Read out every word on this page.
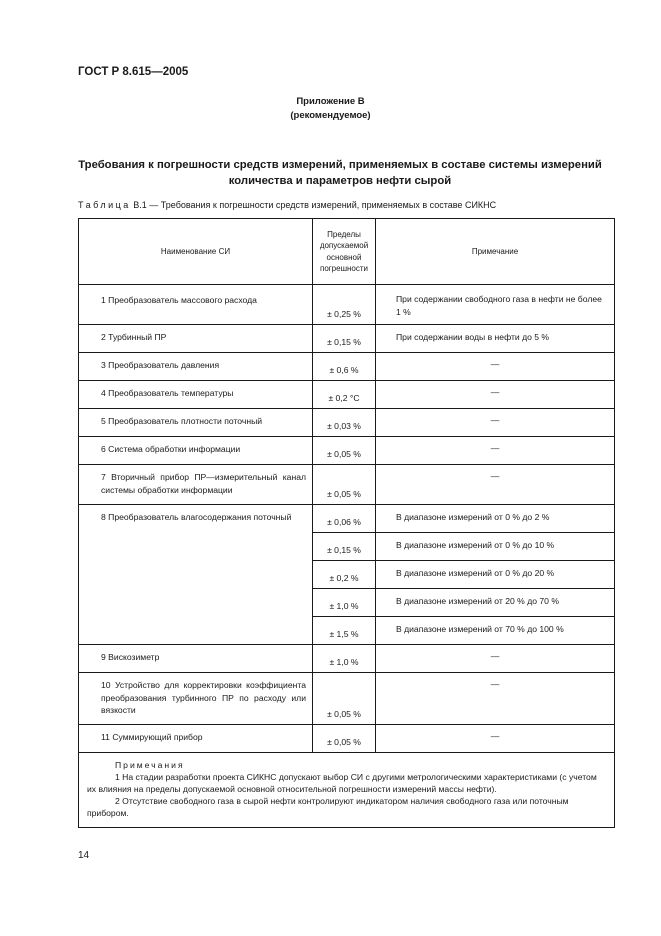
ГОСТ Р 8.615—2005
Приложение В
(рекомендуемое)
Требования к погрешности средств измерений, применяемых в составе системы измерений
количества и параметров нефти сырой
Таблица В.1 — Требования к погрешности средств измерений, применяемых в составе СИКНС
Наименование СИ	Пределы допускаемой основной погрешности	Примечание
1 Преобразователь массового расхода	± 0,25 %	При содержании свободного газа в нефти не более 1 %
2 Турбинный ПР	± 0,15 %	При содержании воды в нефти до 5 %
3 Преобразователь давления	± 0,6 %	—
4 Преобразователь температуры	± 0,2 °С	—
5 Преобразователь плотности поточный	± 0,03 %	—
6 Система обработки информации	± 0,05 %	—
7 Вторичный прибор ПР—измерительный канал системы обработки информации	± 0,05 %	—
8 Преобразователь влагосодержания поточный	± 0,06 %	В диапазоне измерений от 0 % до 2 %
	± 0,15 %	В диапазоне измерений от 0 % до 10 %
	± 0,2 %	В диапазоне измерений от 0 % до 20 %
	± 1,0 %	В диапазоне измерений от 20 % до 70 %
	± 1,5 %	В диапазоне измерений от 70 % до 100 %
9 Вискозиметр	± 1,0 %	—
10 Устройство для корректировки коэффициента преобразования турбинного ПР по расходу или вязкости	± 0,05 %	—
11 Суммирующий прибор	± 0,05 %	—

Примечания

1 На стадии разработки проекта СИКНС допускают выбор СИ с другими метрологическими характеристиками (с учетом их влияния на пределы допускаемой основной относительной погрешности измерений массы нефти).

2 Отсутствие свободного газа в сырой нефти контролируют индикатором наличия свободного газа или поточным прибором.		

14
